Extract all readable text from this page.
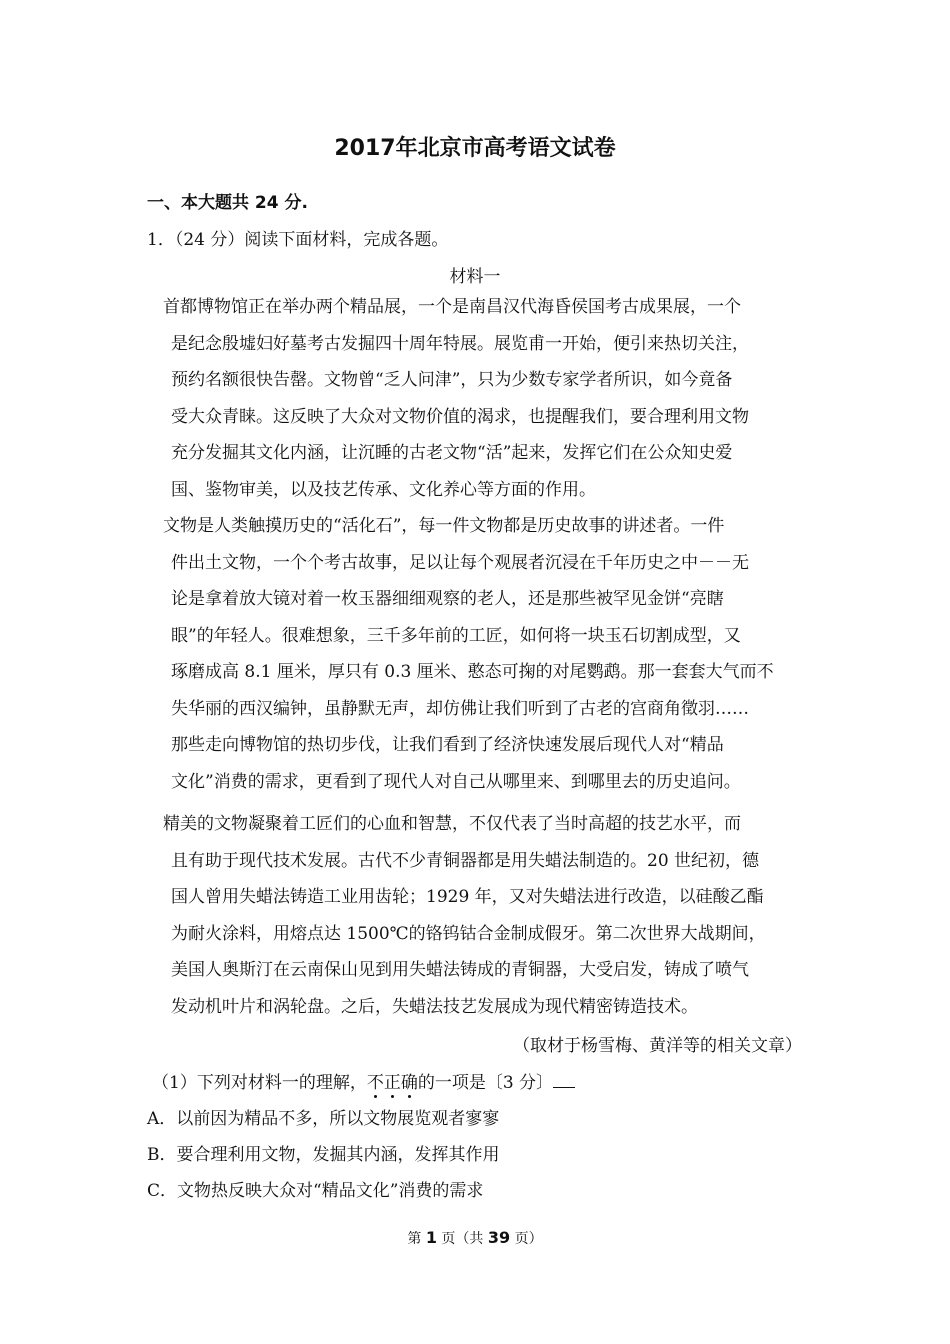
2017年北京市高考语文试卷
一、本大题共 24 分.
1．（24 分）阅读下面材料，完成各题。
材料一
首都博物馆正在举办两个精品展，一个是南昌汉代海昏侯国考古成果展，一个
是纪念殷墟妇好墓考古发掘四十周年特展。展览甫一开始，便引来热切关注，
预约名额很快告罄。文物曾“乏人问津”，只为少数专家学者所识，如今竟备
受大众青睐。这反映了大众对文物价值的渴求，也提醒我们，要合理利用文物
充分发掘其文化内涵，让沉睡的古老文物“活”起来，发挥它们在公众知史爱
国、鉴物审美，以及技艺传承、文化养心等方面的作用。
文物是人类触摸历史的“活化石”，每一件文物都是历史故事的讲述者。一件
件出土文物，一个个考古故事，足以让每个观展者沉浸在千年历史之中－－无
论是拿着放大镜对着一枚玉器细细观察的老人，还是那些被罕见金饼“亮瞎
眼”的年轻人。很难想象，三千多年前的工匠，如何将一块玉石切割成型，又
琢磨成高 8.1 厘米，厚只有 0.3 厘米、憨态可掬的对尾鹦鹉。那一套套大气而不
失华丽的西汉编钟，虽静默无声，却仿佛让我们听到了古老的宫商角徵羽……
那些走向博物馆的热切步伐，让我们看到了经济快速发展后现代人对“精品
文化”消费的需求，更看到了现代人对自己从哪里来、到哪里去的历史追问。
精美的文物凝聚着工匠们的心血和智慧，不仅代表了当时高超的技艺水平，而
且有助于现代技术发展。古代不少青铜器都是用失蜡法制造的。20 世纪初，德
国人曾用失蜡法铸造工业用齿轮；1929 年，又对失蜡法进行改造，以硅酸乙酯
为耐火涂料，用熔点达 1500℃的铬钨钴合金制成假牙。第二次世界大战期间，
美国人奥斯汀在云南保山见到用失蜡法铸成的青铜器，大受启发，铸成了喷气
发动机叶片和涡轮盘。之后，失蜡法技艺发展成为现代精密铸造技术。
（取材于杨雪梅、黄洋等的相关文章）
（1）下列对材料一的理解，不正确的一项是〔3 分〕
A．以前因为精品不多，所以文物展览观者寥寥
B．要合理利用文物，发掘其内涵，发挥其作用
C．文物热反映大众对“精品文化”消费的需求
第 1 页（共 39 页）
